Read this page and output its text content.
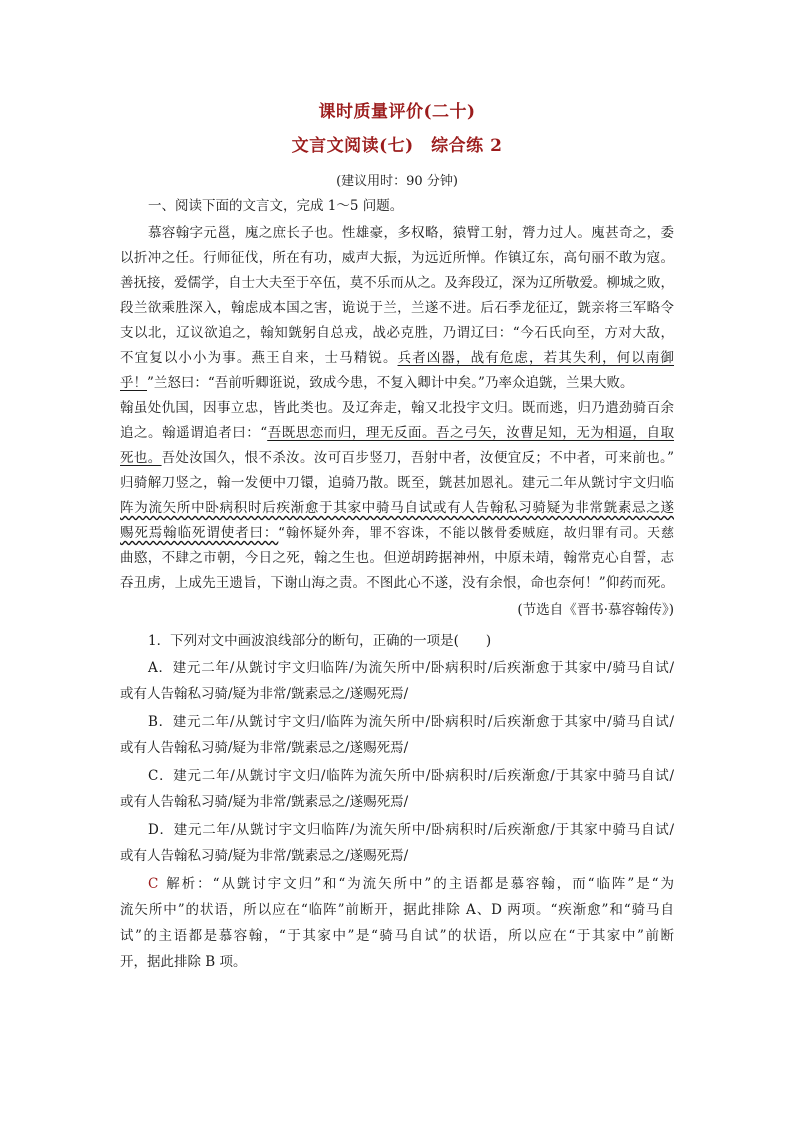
课时质量评价(二十)
文言文阅读(七)　综合练 2
(建议用时：90 分钟)
一、阅读下面的文言文，完成 1～5 问题。
慕容翰字元邕，廆之庶长子也。性雄豪，多权略，猿臂工射，膂力过人。廆甚奇之，委
以折冲之任。行师征伐，所在有功，威声大振，为远近所惮。作镇辽东，高句丽不敢为寇。
善抚接，爱儒学，自士大夫至于卒伍，莫不乐而从之。及奔段辽，深为辽所敬爱。柳城之败，
段兰欲乘胜深入，翰虑成本国之害，诡说于兰，兰遂不进。后石季龙征辽，皝亲将三军略令
支以北，辽议欲追之，翰知皝躬自总戎，战必克胜，乃谓辽曰：“今石氏向至，方对大敌，
不宜复以小小为事。燕王自来，士马精锐。兵者凶器，战有危虑，若其失利，何以南御
乎！”兰怒曰：“吾前听卿诳说，致成今患，不复入卿计中矣。”乃率众追皝，兰果大败。
翰虽处仇国，因事立忠，皆此类也。及辽奔走，翰又北投宇文归。既而逃，归乃遣劲骑百余
追之。翰遥谓追者曰：“吾既思恋而归，理无反面。吾之弓矢，汝曹足知，无为相逼，自取
死也。吾处汝国久，恨不杀汝。汝可百步竖刀，吾射中者，汝便宜反；不中者，可来前也。”
归骑解刀竖之，翰一发便中刀镮，追骑乃散。既至，皝甚加恩礼。建元二年从皝讨宇文归临
阵为流矢所中卧病积时后疾渐愈于其家中骑马自试或有人告翰私习骑疑为非常皝素忌之遂
赐死焉翰临死谓使者曰：“翰怀疑外奔，罪不容诛，不能以骸骨委贼庭，故归罪有司。天慈
曲愍，不肆之市朝，今日之死，翰之生也。但逆胡跨据神州，中原未靖，翰常克心自誓，志
吞丑虏，上成先王遗旨，下谢山海之责。不图此心不遂，没有余恨，命也奈何！”仰药而死。
(节选自《晋书·慕容翰传》)
1．下列对文中画波浪线部分的断句，正确的一项是(　　)
A．建元二年/从皝讨宇文归临阵/为流矢所中/卧病积时/后疾渐愈于其家中/骑马自试/
或有人告翰私习骑/疑为非常/皝素忌之/遂赐死焉/
B．建元二年/从皝讨宇文归/临阵为流矢所中/卧病积时/后疾渐愈于其家中/骑马自试/
或有人告翰私习骑/疑为非常/皝素忌之/遂赐死焉/
C．建元二年/从皝讨宇文归/临阵为流矢所中/卧病积时/后疾渐愈/于其家中骑马自试/
或有人告翰私习骑/疑为非常/皝素忌之/遂赐死焉/
D．建元二年/从皝讨宇文归临阵/为流矢所中/卧病积时/后疾渐愈/于其家中骑马自试/
或有人告翰私习骑/疑为非常/皝素忌之/遂赐死焉/
C 解析：“从皝讨宇文归”和“为流矢所中”的主语都是慕容翰，而“临阵”是“为
流矢所中”的状语，所以应在“临阵”前断开，据此排除 A、D 两项。“疾渐愈”和“骑马自
试”的主语都是慕容翰，“于其家中”是“骑马自试”的状语，所以应在“于其家中”前断
开，据此排除 B 项。
